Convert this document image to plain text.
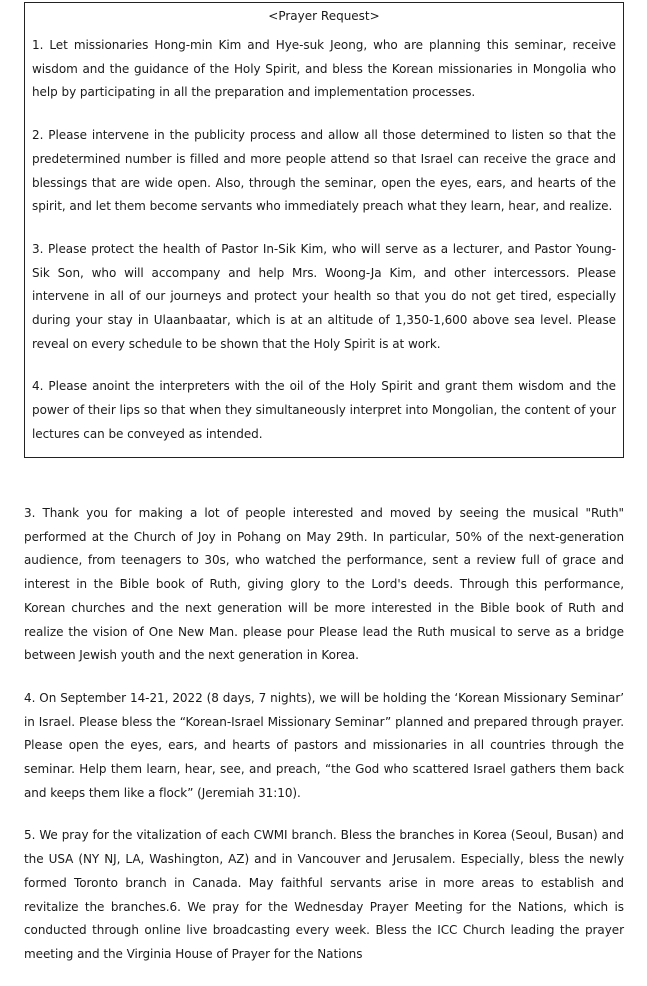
<Prayer Request>

1. Let missionaries Hong-min Kim and Hye-suk Jeong, who are planning this seminar, receive wisdom and the guidance of the Holy Spirit, and bless the Korean missionaries in Mongolia who help by participating in all the preparation and implementation processes.

2. Please intervene in the publicity process and allow all those determined to listen so that the predetermined number is filled and more people attend so that Israel can receive the grace and blessings that are wide open. Also, through the seminar, open the eyes, ears, and hearts of the spirit, and let them become servants who immediately preach what they learn, hear, and realize.

3. Please protect the health of Pastor In-Sik Kim, who will serve as a lecturer, and Pastor Young-Sik Son, who will accompany and help Mrs. Woong-Ja Kim, and other intercessors. Please intervene in all of our journeys and protect your health so that you do not get tired, especially during your stay in Ulaanbaatar, which is at an altitude of 1,350-1,600 above sea level. Please reveal on every schedule to be shown that the Holy Spirit is at work.

4. Please anoint the interpreters with the oil of the Holy Spirit and grant them wisdom and the power of their lips so that when they simultaneously interpret into Mongolian, the content of your lectures can be conveyed as intended.

3. Thank you for making a lot of people interested and moved by seeing the musical "Ruth" performed at the Church of Joy in Pohang on May 29th. In particular, 50% of the next-generation audience, from teenagers to 30s, who watched the performance, sent a review full of grace and interest in the Bible book of Ruth, giving glory to the Lord's deeds. Through this performance, Korean churches and the next generation will be more interested in the Bible book of Ruth and realize the vision of One New Man. please pour Please lead the Ruth musical to serve as a bridge between Jewish youth and the next generation in Korea.

4. On September 14-21, 2022 (8 days, 7 nights), we will be holding the ‘Korean Missionary Seminar’ in Israel. Please bless the “Korean-Israel Missionary Seminar” planned and prepared through prayer. Please open the eyes, ears, and hearts of pastors and missionaries in all countries through the seminar. Help them learn, hear, see, and preach, “the God who scattered Israel gathers them back and keeps them like a flock” (Jeremiah 31:10).

5. We pray for the vitalization of each CWMI branch. Bless the branches in Korea (Seoul, Busan) and the USA (NY NJ, LA, Washington, AZ) and in Vancouver and Jerusalem. Especially, bless the newly formed Toronto branch in Canada. May faithful servants arise in more areas to establish and revitalize the branches.6. We pray for the Wednesday Prayer Meeting for the Nations, which is conducted through online live broadcasting every week. Bless the ICC Church leading the prayer meeting and the Virginia House of Prayer for the Nations
